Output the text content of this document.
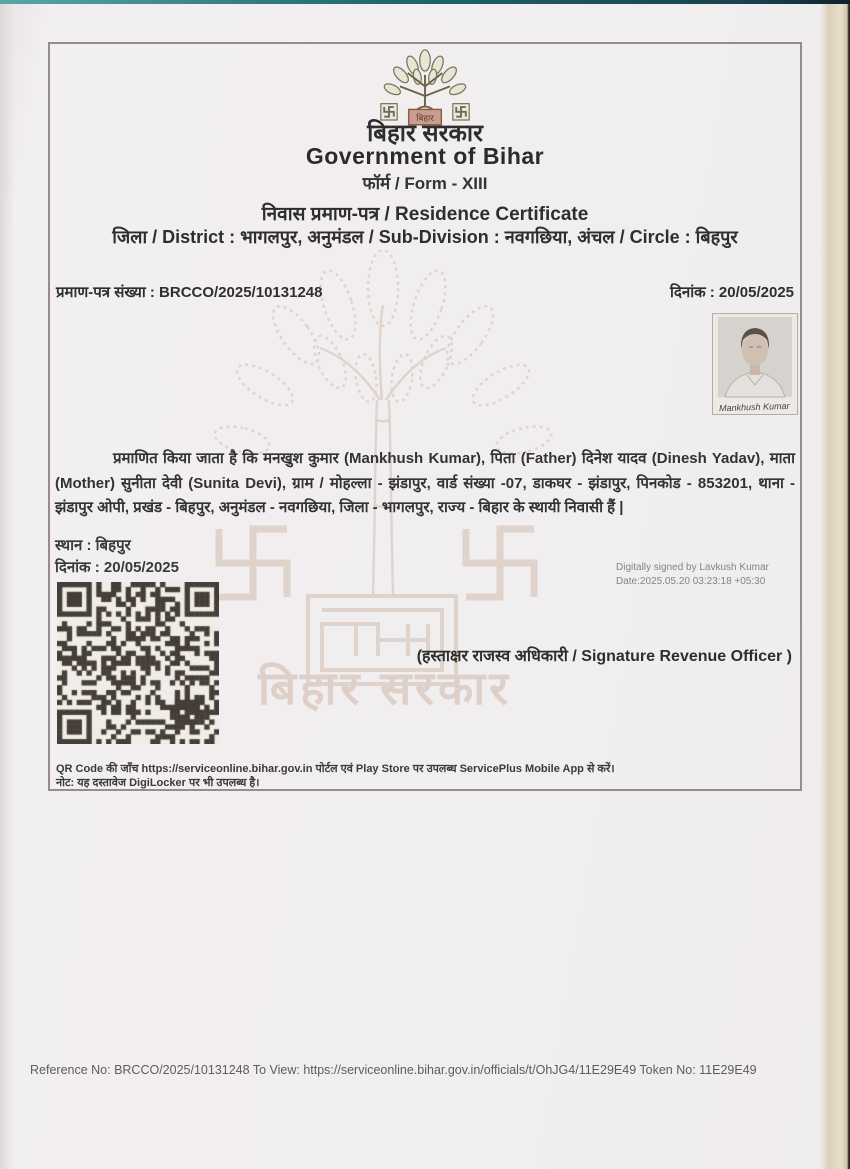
बिहार सरकार
बिहार
बिहार सरकार
Government of Bihar
फॉर्म / Form - XIII
निवास प्रमाण-पत्र / Residence Certificate
जिला / District : भागलपुर, अनुमंडल / Sub-Division : नवगछिया, अंचल / Circle : बिहपुर
प्रमाण-पत्र संख्या : BRCCO/2025/10131248	दिनांक : 20/05/2025
Mankhush Kumar
प्रमाणित किया जाता है कि मनखुश कुमार (Mankhush Kumar), पिता (Father) दिनेश यादव (Dinesh Yadav), माता (Mother) सुनीता देवी (Sunita Devi), ग्राम / मोहल्ला - झंडापुर, वार्ड संख्या -07, डाकघर - झंडापुर, पिनकोड - 853201, थाना - झंडापुर ओपी, प्रखंड - बिहपुर, अनुमंडल - नवगछिया, जिला - भागलपुर, राज्य - बिहार के स्थायी निवासी हैं |
स्थान : बिहपुर
दिनांक : 20/05/2025	Digitally signed by Lavkush Kumar
Date:2025.05.20 03:23:18 +05:30
(हस्ताक्षर राजस्व अधिकारी / Signature Revenue Officer )
QR Code की जाँच https://serviceonline.bihar.gov.in पोर्टल एवं Play Store पर उपलब्ध ServicePlus Mobile App से करें।
नोट: यह दस्तावेज DigiLocker पर भी उपलब्ध है।
Reference No: BRCCO/2025/10131248 To View: https://serviceonline.bihar.gov.in/officials/t/OhJG4/11E29E49 Token No: 11E29E49
